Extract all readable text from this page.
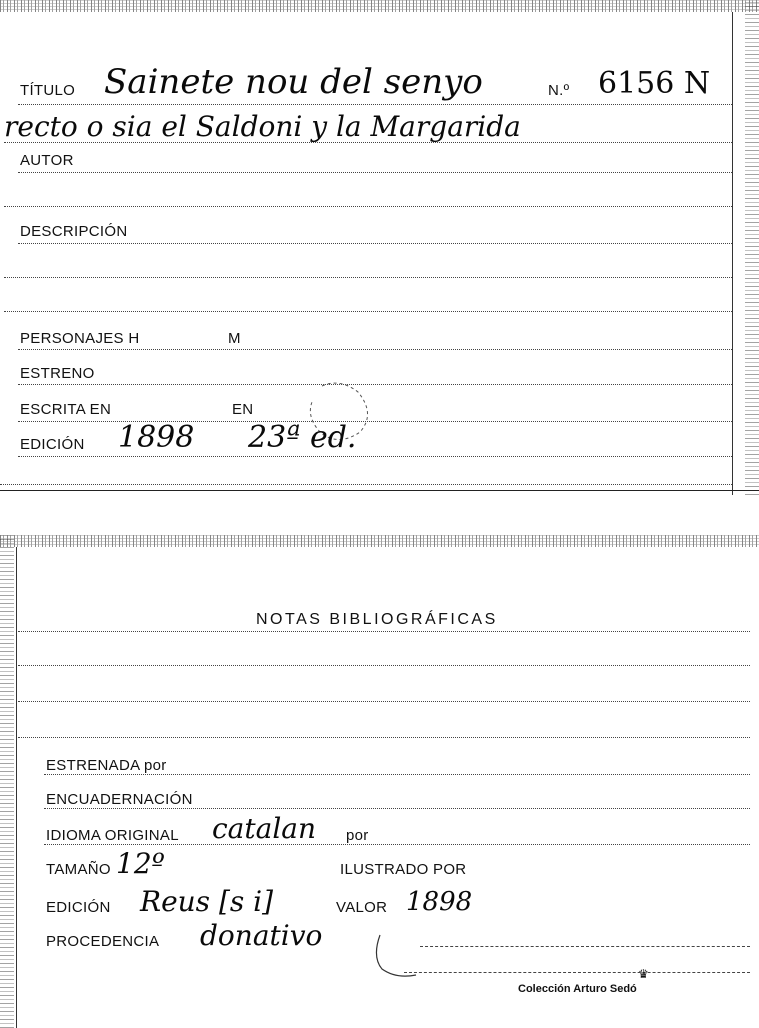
TÍTULO Sainete nou del senyo	N.º 6156 N
recto o sia el Saldoni y la Margarida
AUTOR
DESCRIPCIÓN
PERSONAJES H	M
ESTRENO
ESCRITA EN	EN
EDICIÓN 1898 23ª ed.
NOTAS BIBLIOGRÁFICAS
ESTRENADA por
ENCUADERNACIÓN
IDIOMA ORIGINAL catalan por
TAMAÑO 12º	ILUSTRADO POR
EDICIÓN Reus [s i]	VALOR 1898
PROCEDENCIA donativo
♛
Colección Arturo Sedó
